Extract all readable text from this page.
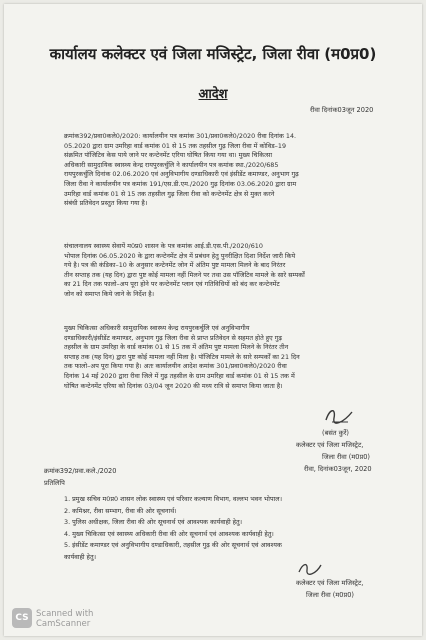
कार्यालय कलेक्टर एवं जिला मजिस्ट्रेट, जिला रीवा (म0प्र0)
आदेश
रीवा दिनांक03जून 2020
क्रमांक392/प्रवा0कले0/2020: कार्यालयीन पत्र कमांक 301/प्रवा0कले0/2020 रीवा दिनांक 14.
05.2020 द्वारा ग्राम उमरिहा वार्ड कमांक 01 से 15 तक तहसील गुढ़ जिला रीवा में कोविड–19
संक्रमित पॉजिटिव केस पाये जाने पर कन्टेनमेंट एरिया घोषित किया गया था। मुख्य चिकित्सा
अधिकारी सामुदायिक स्वास्थ्य केन्द्र रायपुरकर्चुलि ने कार्यालयीन पत्र कमांक स्था./2020/685
रायपुरकर्चुलि दिनांक 02.06.2020 एवं अनुविभागीय दण्डाधिकारी एवं इंसीडेंट कमाण्डर, अनुभाग गुढ़
जिला रीवा ने कार्यालयीन पत्र कमांक 191/एस.डी.एम./2020 गुढ़ दिनांक 03.06.2020 द्वारा ग्राम
उमरिहा वार्ड कमांक 01 से 15 तक तहसील गुढ़ जिला रीवा को कन्टेनमेंट क्षेत्र से मुक्त करने
संबंधी प्रतिवेदन प्रस्तुत किया गया है।
संचालनालय स्वास्थ्य सेवायें म0प्र0 शासन के पत्र कमांक आई.डी.एस.पी./2020/610
भोपाल दिनांक 06.05.2020 के द्वारा कन्टेनमेंट क्षेत्र में प्रबंधन हेतु पुनरीक्षित दिशा निर्देश जारी किये
गये है। पत्र की कंडिका–10 के अनुसार कन्टेनमेंट जोन में अंतिम पुष्ट मामला मिलने के बाद निरंतर
तीन सप्ताह तक (यह दिन) द्वारा पुष्ट कोई मामला नहीं मिलने पर तथा उस पॉजिटिव मामले के सारे सम्पर्कों
का 21 दिन तक फालो–अप पूरा होने पर कन्टेनमेंट प्लान एवं गतिविधियों को बंद कर कन्टेनमेंट
जोन को समाप्त किये जाने के निर्देश है।
मुख्य चिकित्सा अधिकारी सामुदायिक स्वास्थ्य केन्द्र रायपुरकर्चुलि एवं अनुविभागीय
दण्डाधिकारी/इंसीडेंट कमाण्डर, अनुभाग गुढ़ जिला रीवा से प्राप्त प्रतिवेदन से सहमत होते हुए गुढ़
तहसील के ग्राम उमरिहा के वार्ड कमांक 01 से 15 तक में अंतिम पुष्ट मामला मिलने के निरंतर तीन
सप्ताह तक (यह दिन) द्वारा पुष्ट कोई मामला नहीं मिला है। पॉजिटिव मामले के सारे सम्पर्कों का 21 दिन
तक फालो–अप पूरा किया गया है। अतः कार्यालयीन आदेश कमांक 301/प्रवा0कले0/2020 रीवा
दिनांक 14 मई 2020 द्वारा रीवा जिले में गुढ़ तहसील के ग्राम उमरिहा वार्ड कमांक 01 से 15 तक में
घोषित कन्टेनमेंट एरिया को दिनांक 03/04 जून 2020 की मध्य रात्रि से समाप्त किया जाता है।
(बसंत कुर्रे)
कलेक्टर एवं जिला मजिस्ट्रेट,
जिला रीवा (म0प्र0)
रीवा, दिनांक03जून, 2020
क्रमांक392/प्रवा.कले./2020
प्रतिलिपि
1. प्रमुख सचिव म0प्र0 शासन लोक स्वास्थ्य एवं परिवार कल्याण विभाग, वल्लभ भवन भोपाल।
2. कमिश्नर, रीवा सम्भाग, रीवा की ओर सूचनार्थ।
3. पुलिस अधीक्षक, जिला रीवा की ओर सूचनार्थ एवं आवश्यक कार्यवाही हेतु।
4. मुख्य चिकित्सा एवं स्वास्थ्य अधिकारी रीवा की ओर सूचनार्थ एवं आवश्यक कार्यवाही हेतु।
5. इंसीडेंट कमाण्डर एवं अनुविभागीय दण्डाधिकारी, तहसील गुढ़ की ओर सूचनार्थ एवं आवश्यक
कार्यवाही हेतु।
कलेक्टर एवं जिला मजिस्ट्रेट,
जिला रीवा (म0प्र0)
CS Scanned with
CamScanner
